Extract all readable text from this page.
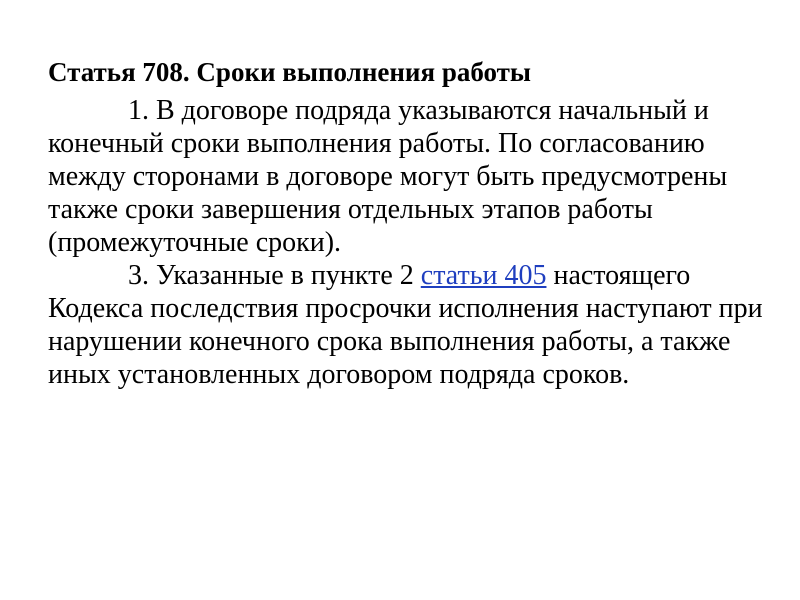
Статья 708. Сроки выполнения работы

1. В договоре подряда указываются начальный и конечный сроки выполнения работы. По согласованию между сторонами в договоре могут быть предусмотрены также сроки завершения отдельных этапов работы (промежуточные сроки).

3. Указанные в пункте 2 статьи 405 настоящего Кодекса последствия просрочки исполнения наступают при нарушении конечного срока выполнения работы, а также иных установленных договором подряда сроков.
